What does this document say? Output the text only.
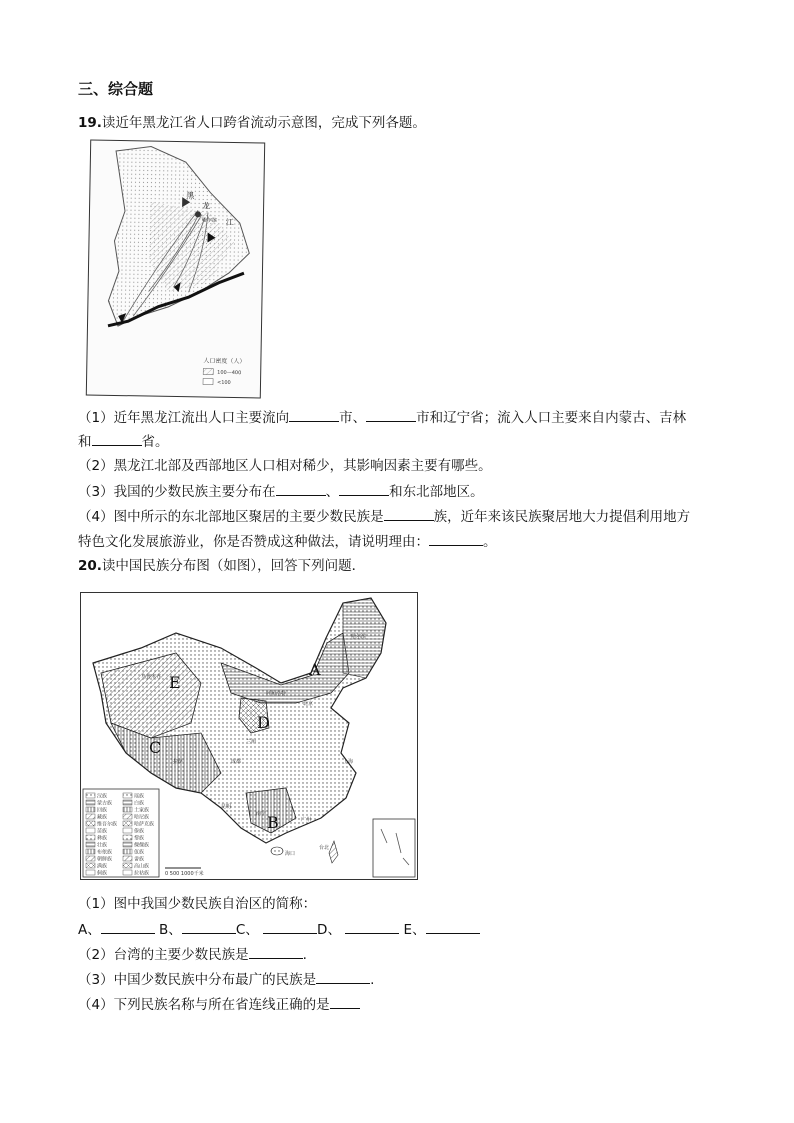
三、综合题
19.读近年黑龙江省人口跨省流动示意图，完成下列各题。
黑
龙
江
哈尔滨
人口密度（人）
100—400
<100
（1）近年黑龙江流出人口主要流向	市、	市和辽宁省；流入人口主要来自内蒙古、吉林
和	省。
（2）黑龙江北部及西部地区人口相对稀少，其影响因素主要有哪些。
（3）我国的少数民族主要分布在	、	和东北部地区。
（4）图中所示的东北部地区聚居的主要少数民族是	族，近年来该民族聚居地大力提倡利用地方
特色文化发展旅游业，你是否赞成这种做法，请说明理由：	。
20.读中国民族分布图（如图），回答下列问题．
A
B
C
D
E
哈尔滨
乌鲁木齐
呼和浩特
北京
上海
广州
昆明
拉萨	成都
兰州
南宁
台北
海口
汉族
蒙古族
回族
藏族
维吾尔族
苗族
彝族
壮族
布依族
朝鲜族
满族
侗族
瑶族
白族
土家族
哈尼族
哈萨克族
傣族
黎族
傈僳族
佤族
畲族
高山族
拉祜族	0 500 1000千米
（1）图中我国少数民族自治区的简称：
A、	B、	C、	D、	E、
（2）台湾的主要少数民族是	.
（3）中国少数民族中分布最广的民族是	.
（4）下列民族名称与所在省连线正确的是
